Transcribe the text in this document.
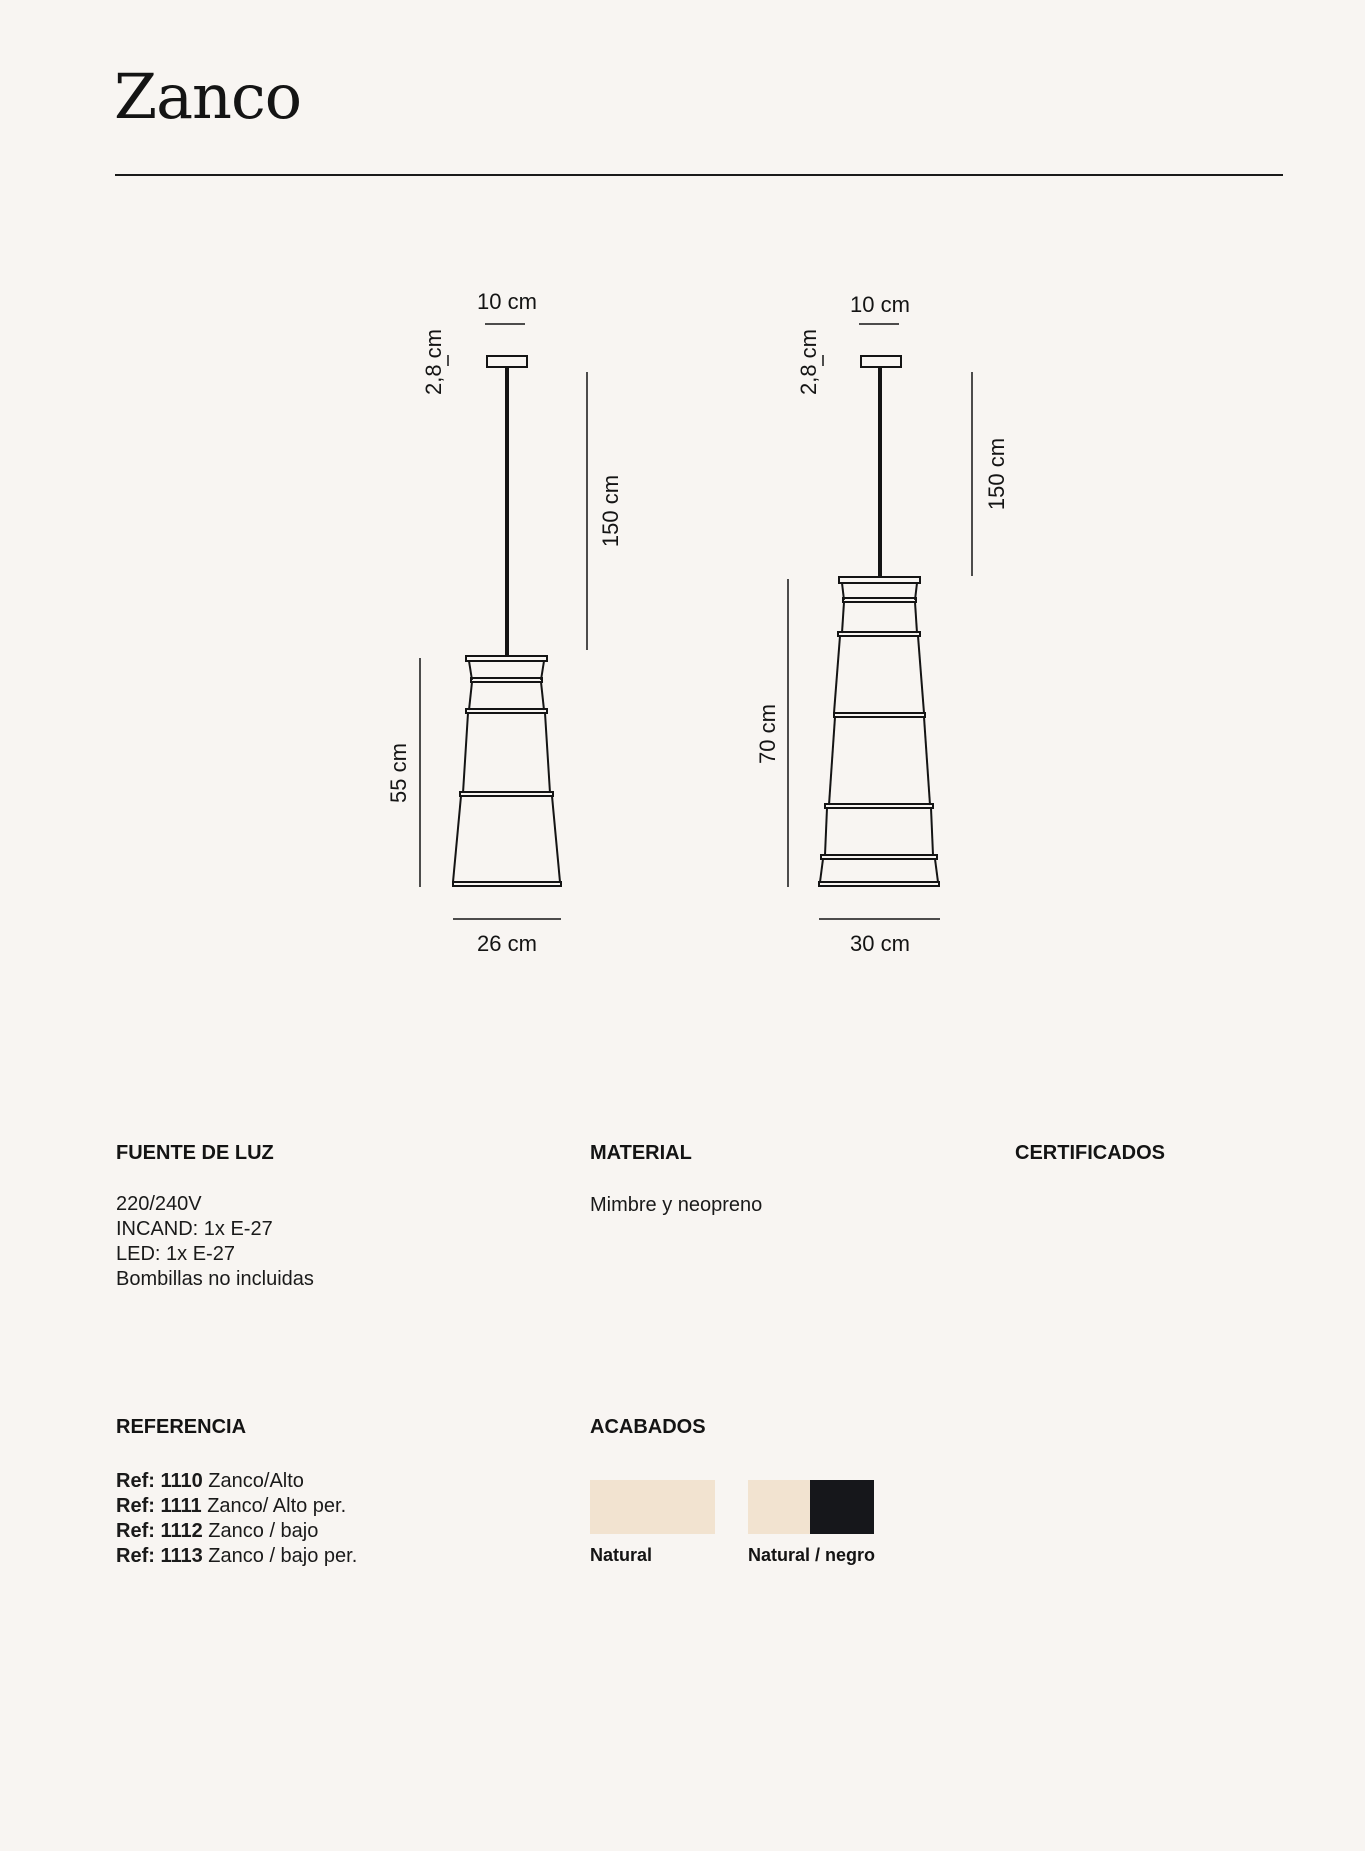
Zanco
10 cm
2,8 cm
150 cm
55 cm
26 cm
10 cm
2,8 cm
150 cm
70 cm
30 cm
FUENTE DE LUZ
220/240V
INCAND: 1x E-27
LED: 1x E-27
Bombillas no incluidas
MATERIAL
Mimbre y neopreno
CERTIFICADOS
REFERENCIA
Ref: 1110 Zanco/Alto
Ref: 1111 Zanco/ Alto per.
Ref: 1112 Zanco / bajo
Ref: 1113 Zanco / bajo per.
ACABADOS
Natural	Natural / negro
